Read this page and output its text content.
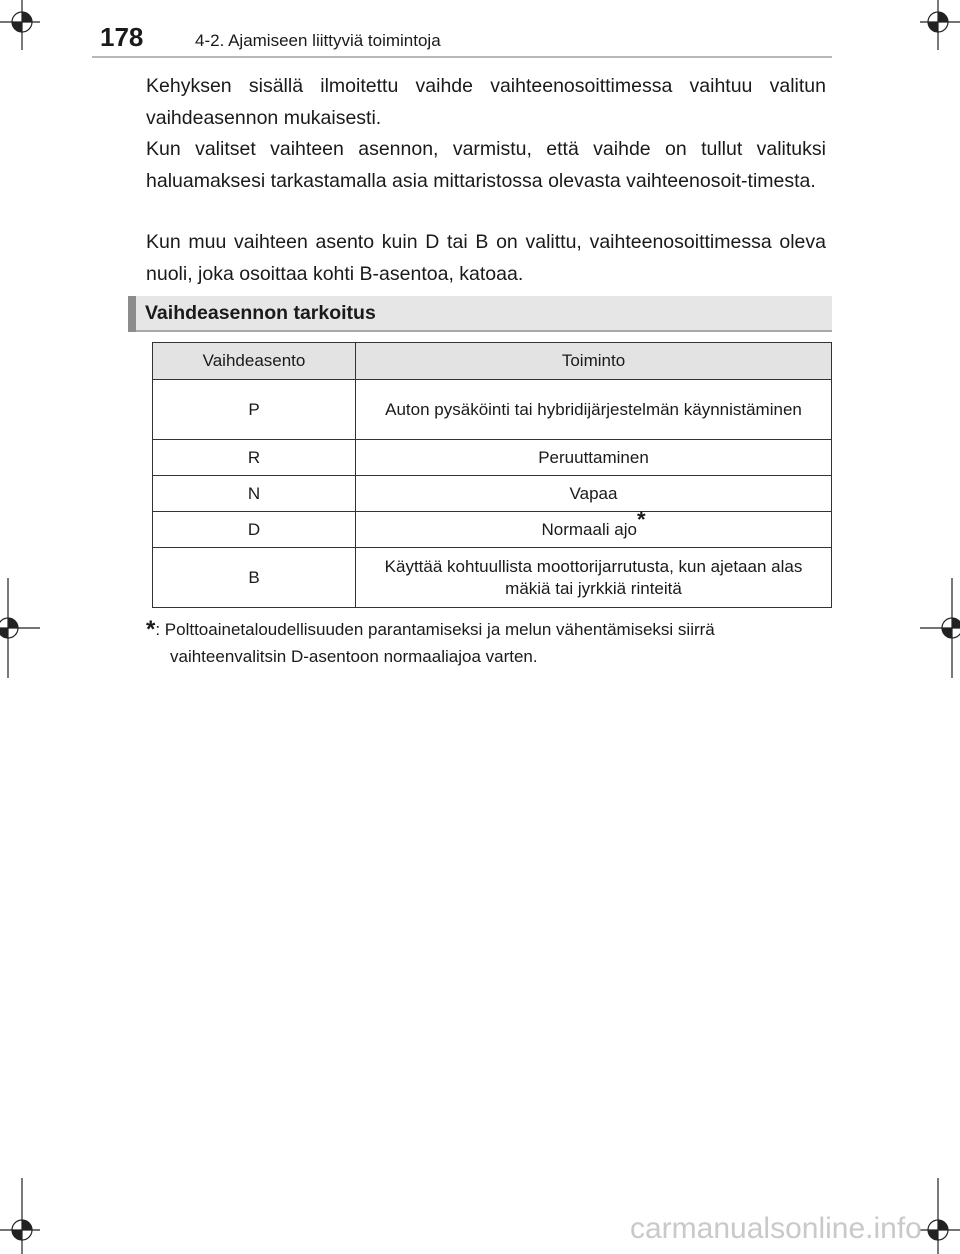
178	4-2. Ajamiseen liittyviä toimintoja
Kehyksen sisällä ilmoitettu vaihde vaihteenosoittimessa vaihtuu valitun vaihdeasennon mukaisesti.
Kun valitset vaihteen asennon, varmistu, että vaihde on tullut valituksi haluamaksesi tarkastamalla asia mittaristossa olevasta vaihteenosoit-timesta.
Kun muu vaihteen asento kuin D tai B on valittu, vaihteenosoittimessa oleva nuoli, joka osoittaa kohti B-asentoa, katoaa.
Vaihdeasennon tarkoitus
Vaihdeasento	Toiminto
P	Auton pysäköinti tai hybridijärjestelmän käynnistäminen
R	Peruuttaminen
N	Vapaa
D	Normaali ajo*
B	Käyttää kohtuullista moottorijarrutusta, kun ajetaan alas mäkiä tai jyrkkiä rinteitä
*: Polttoainetaloudellisuuden parantamiseksi ja melun vähentämiseksi siirrä
vaihteenvalitsin D-asentoon normaaliajoa varten.
carmanualsonline.info
